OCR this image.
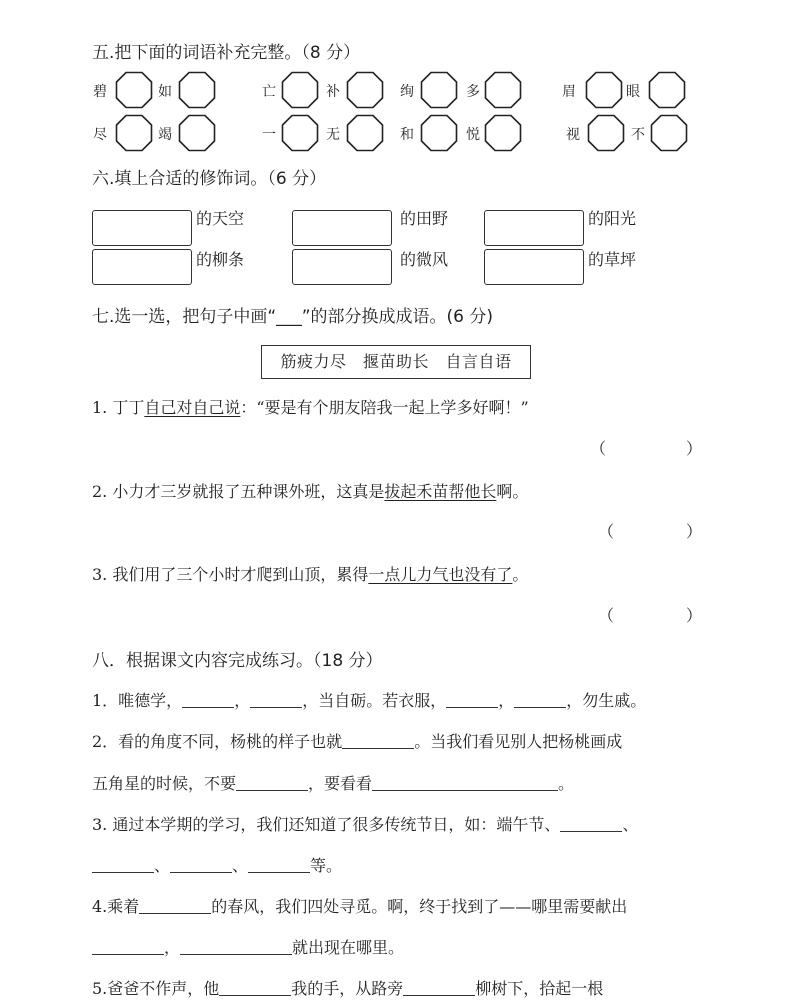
五.把下面的词语补充完整。（8 分）
碧	如	亡	补	绚	多	眉	眼
尽	竭	一	无	和	悦	视	不
六.填上合适的修饰词。（6 分）
的天空	的田野	的阳光
的柳条	的微风	的草坪
七.选一选，把句子中画“___”的部分换成成语。(6 分)
筋疲力尽　揠苗助长　自言自语
1. 丁丁自己对自己说：“要是有个朋友陪我一起上学多好啊！”
（	）
2. 小力才三岁就报了五种课外班，这真是拔起禾苗帮他长啊。
（	）
3. 我们用了三个小时才爬到山顶，累得一点儿力气也没有了。
（	）
八．根据课文内容完成练习。（18 分）
1．唯德学，	，	，当自砺。若衣服，	，	，勿生戚。
2．看的角度不同，杨桃的样子也就	。当我们看见别人把杨桃画成
五角星的时候，不要	，要看看	。
3. 通过本学期的学习，我们还知道了很多传统节日，如：端午节、	、
、	、	等。
4.乘着	的春风，我们四处寻觅。啊，终于找到了——哪里需要献出
，	就出现在哪里。
5.爸爸不作声，他	我的手，从路旁	柳树下，拾起一根
